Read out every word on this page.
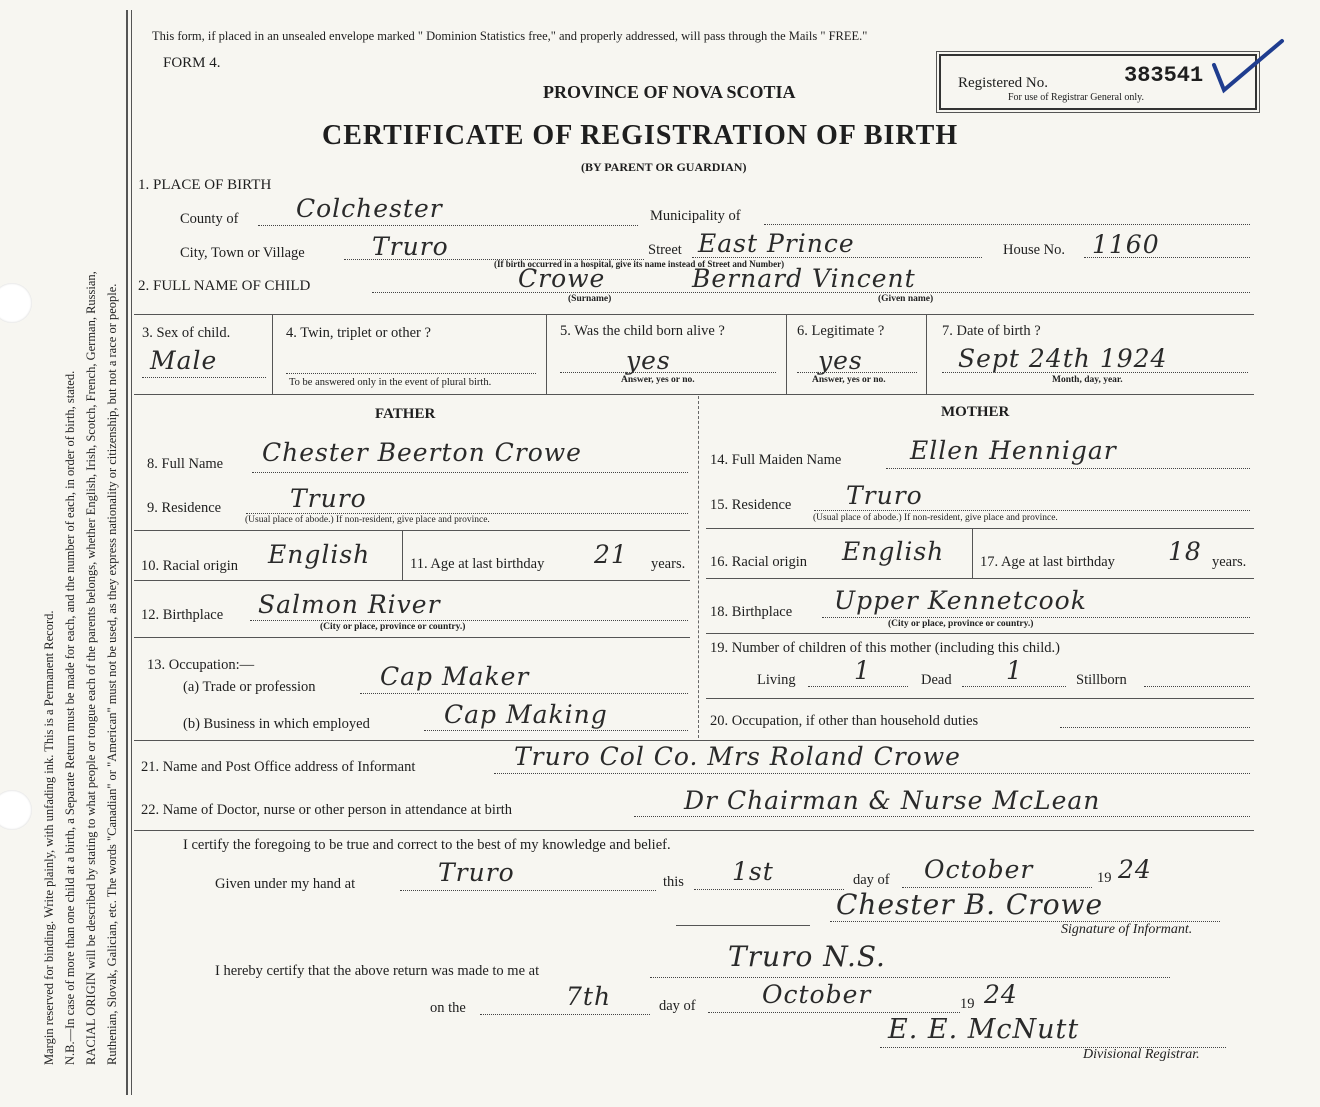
Margin reserved for binding. Write plainly, with unfading ink. This is a Permanent Record. N.B.—In case of more than one child at a birth, a Separate Return must be made for each, and the number of each, in order of birth, stated. RACIAL ORIGIN will be described by stating to what people or tongue each of the parents belongs, whether English, Irish, Scotch, French, German, Russian, Ruthenian, Slovak, Galician, etc. The words "Canadian" or "American" must not be used, as they express nationality or citizenship, but not a race or people.
This form, if placed in an unsealed envelope marked " Dominion Statistics free," and properly addressed, will pass through the Mails " FREE."
FORM 4.
PROVINCE OF NOVA SCOTIA
CERTIFICATE OF REGISTRATION OF BIRTH
(BY PARENT OR GUARDIAN)
Registered No.	383541
For use of Registrar General only.
1. PLACE OF BIRTH
County of Colchester	Municipality of
City, Town or Village	Truro	Street East Prince	House No. 1160
(If birth occurred in a hospital, give its name instead of Street and Number)
2. FULL NAME OF CHILD	Crowe	Bernard Vincent
(Surname)	(Given name)
3. Sex of child.
Male
4. Twin, triplet or other ?
To be answered only in the event of plural birth.
5. Was the child born alive ?
yes
Answer, yes or no.
6. Legitimate ?
yes
Answer, yes or no.
7. Date of birth ?
Sept 24th 1924
Month, day, year.
FATHER
8. Full Name Chester Beerton Crowe
9. Residence	Truro
(Usual place of abode.) If non-resident, give place and province.
10. Racial origin English	11. Age at last birthday 21 years.
12. Birthplace Salmon River
(City or place, province or country.)
13. Occupation:—
(a) Trade or profession	Cap Maker
(b) Business in which employed	Cap Making
MOTHER
14. Full Maiden Name	Ellen Hennigar
15. Residence Truro
(Usual place of abode.) If non-resident, give place and province.
16. Racial origin English 17. Age at last birthday 18 years.
18. Birthplace Upper Kennetcook
(City or place, province or country.)
19. Number of children of this mother (including this child.)
Living 1	Dead 1	Stillborn
20. Occupation, if other than household duties
21. Name and Post Office address of Informant	Truro Col Co. Mrs Roland Crowe
22. Name of Doctor, nurse or other person in attendance at birth	Dr Chairman & Nurse McLean
I certify the foregoing to be true and correct to the best of my knowledge and belief.
Given under my hand at	Truro	this 1st	day of October	19 24
Chester B. Crowe
Signature of Informant.
I hereby certify that the above return was made to me at	Truro N.S.
on the	7th	day of	October	19 24
E. E. McNutt
Divisional Registrar.
